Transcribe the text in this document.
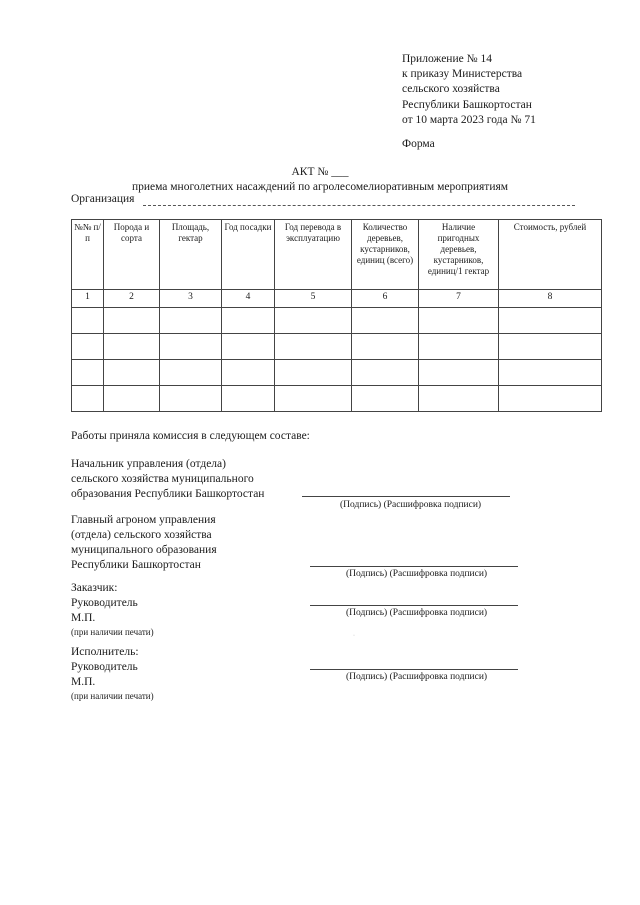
Приложение № 14
к приказу Министерства
сельского хозяйства
Республики Башкортостан
от 10 марта 2023 года № 71
Форма
АКТ № ___
приема многолетних насаждений по агролесомелиоративным мероприятиям
Организация
№№ п/п	Порода и сорта	Площадь, гектар	Год посадки	Год перевода в эксплуатацию	Количество деревьев, кустарников, единиц (всего)	Наличие пригодных деревьев, кустарников, единиц/1 гектар	Стоимость, рублей
1	2	3	4	5	6	7	8

Работы приняла комиссия в следующем составе:
Начальник управления (отдела)
сельского хозяйства муниципального
образования Республики Башкортостан
(Подпись) (Расшифровка подписи)
Главный агроном управления
(отдела) сельского хозяйства
муниципального образования
Республики Башкортостан
(Подпись) (Расшифровка подписи)
Заказчик:
Руководитель
М.П.
(при наличии печати)
(Подпись) (Расшифровка подписи)
·
Исполнитель:
Руководитель
М.П.
(при наличии печати)
(Подпись) (Расшифровка подписи)
